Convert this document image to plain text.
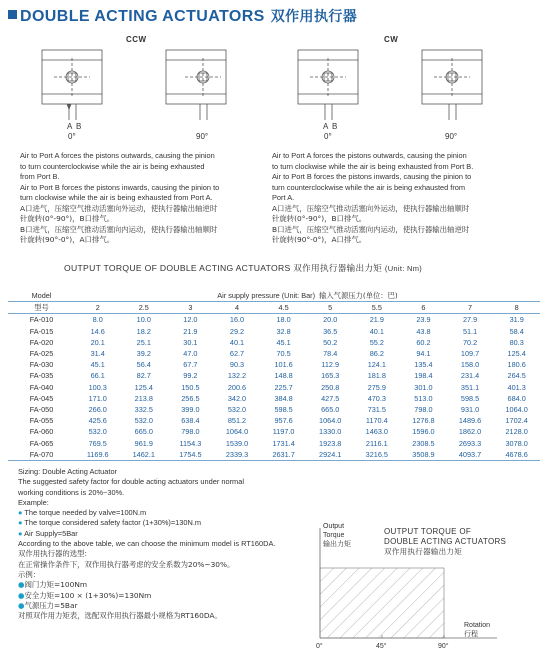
DOUBLE ACTING ACTUATORS 双作用执行器
CCW	CW
A B
0°	90°
A B
0°	90°
Air to Port A forces the pistons outwards, causing the pinion
to turn counterclockwise while the air is being exhausted
from Port B.
Air to Port B forces the pistons inwards, causing the pinion to
turn clockwise while the air is being exhausted from Port A.
A口进气，压缩空气推动活塞向外运动，使执行器输出轴逆时
针旋转(0°-90°)，B口排气。
B口进气，压缩空气推动活塞向内运动，使执行器输出轴顺时
针旋转(90°-0°)，A口排气。
Air to Port A forces the pistons outwards, causing the pinion
to turn clockwise while the air is being exhausted from Port B.
Air to Port B forces the pistons inwards, causing the pinion to
turn counterclockwise while the air is being exhausted from
Port A.
A口进气，压缩空气推动活塞向外运动，使执行器输出轴顺时
针旋转(0°-90°)，B口排气。
B口进气，压缩空气推动活塞向内运动，使执行器输出轴逆时
针旋转(90°-0°)，A口排气。
OUTPUT TORQUE OF DOUBLE ACTING ACTUATORS 双作用执行器输出力矩 (Unit: Nm)
Model	Air supply pressure (Unit: Bar) 输入气源压力(单位：巴)									
型号	2	2.5	3	4	4.5	5	5.5	6	7	8
FA-010	8.0	10.0	12.0	16.0	18.0	20.0	21.9	23.9	27.9	31.9
FA-015	14.6	18.2	21.9	29.2	32.8	36.5	40.1	43.8	51.1	58.4
FA-020	20.1	25.1	30.1	40.1	45.1	50.2	55.2	60.2	70.2	80.3
FA-025	31.4	39.2	47.0	62.7	70.5	78.4	86.2	94.1	109.7	125.4
FA-030	45.1	56.4	67.7	90.3	101.6	112.9	124.1	135.4	158.0	180.6
FA-035	66.1	82.7	99.2	132.2	148.8	165.3	181.8	198.4	231.4	264.5
FA-040	100.3	125.4	150.5	200.6	225.7	250.8	275.9	301.0	351.1	401.3
FA-045	171.0	213.8	256.5	342.0	384.8	427.5	470.3	513.0	598.5	684.0
FA-050	266.0	332.5	399.0	532.0	598.5	665.0	731.5	798.0	931.0	1064.0
FA-055	425.6	532.0	638.4	851.2	957.6	1064.0	1170.4	1276.8	1489.6	1702.4
FA-060	532.0	665.0	798.0	1064.0	1197.0	1330.0	1463.0	1596.0	1862.0	2128.0
FA-065	769.5	961.9	1154.3	1539.0	1731.4	1923.8	2116.1	2308.5	2693.3	3078.0
FA-070	1169.6	1462.1	1754.5	2339.3	2631.7	2924.1	3216.5	3508.9	4093.7	4678.6
Sizing: Double Acting Actuator
The suggested safety factor for double acting actuators under normal
working conditions is 20%~30%.
Example:
● The torque needed by valve=100N.m
● The torque considered safety factor (1+30%)=130N.m
● Air Supply=5Bar
According to the above table, we can choose the minimum model is RT160DA.
双作用执行器的选型:
在正常操作条件下，双作用执行器考虑的安全系数为20%~30%。
示例：
●阀门力矩=100Nm
●安全力矩=100 × (1+30%)=130Nm
●气源压力=5Bar
对照双作用力矩表，选配双作用执行器最小规格为RT160DA。
Output
Torque
输出力矩
OUTPUT TORQUE OF
DOUBLE ACTING ACTUATORS
双作用执行器输出力矩
Rotation
行程
0°	45°	90°
